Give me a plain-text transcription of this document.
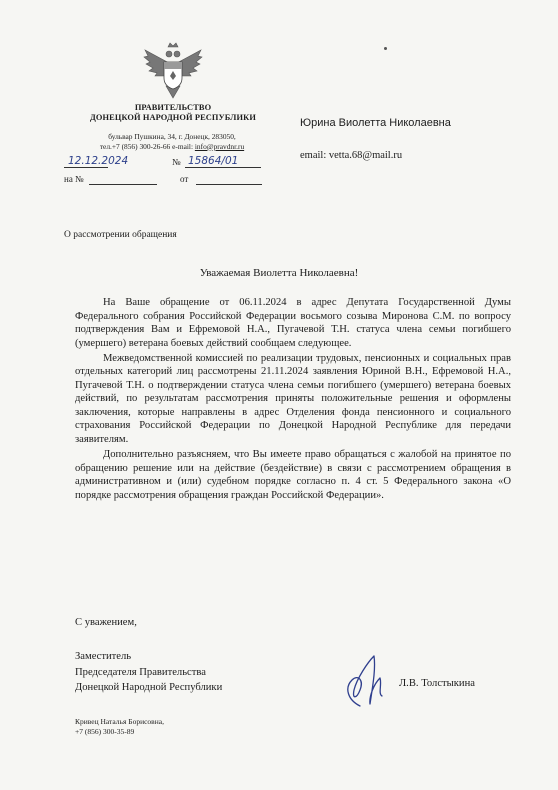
ПРАВИТЕЛЬСТВО
ДОНЕЦКОЙ НАРОДНОЙ РЕСПУБЛИКИ
бульвар Пушкина, 34, г. Донецк, 283050,
тел.+7 (856) 300-26-66 e-mail: info@pravdnr.ru
12.12.2024	№ 15864/01
на №	от
Юрина Виолетта Николаевна
email: vetta.68@mail.ru
О рассмотрении обращения
Уважаемая Виолетта Николаевна!

На Ваше обращение от 06.11.2024 в адрес Депутата Государственной Думы Федерального собрания Российской Федерации восьмого созыва Миронова С.М. по вопросу подтверждения Вам и Ефремовой Н.А., Пугачевой Т.Н. статуса члена семьи погибшего (умершего) ветерана боевых действий сообщаем следующее.

Межведомственной комиссией по реализации трудовых, пенсионных и социальных прав отдельных категорий лиц рассмотрены 21.11.2024 заявления Юриной В.Н., Ефремовой Н.А., Пугачевой Т.Н. о подтверждении статуса члена семьи погибшего (умершего) ветерана боевых действий, по результатам рассмотрения приняты положительные решения и оформлены заключения, которые направлены в адрес Отделения фонда пенсионного и социального страхования Российской Федерации по Донецкой Народной Республике для передачи заявителям.

Дополнительно разъясняем, что Вы имеете право обращаться с жалобой на принятое по обращению решение или на действие (бездействие) в связи с рассмотрением обращения в административном и (или) судебном порядке согласно п. 4 ст. 5 Федерального закона «О порядке рассмотрения обращения граждан Российской Федерации».

С уважением,
Заместитель
Председателя Правительства
Донецкой Народной Республики	Л.В. Толстыкина
Кривец Наталья Борисовна,
+7 (856) 300-35-89
